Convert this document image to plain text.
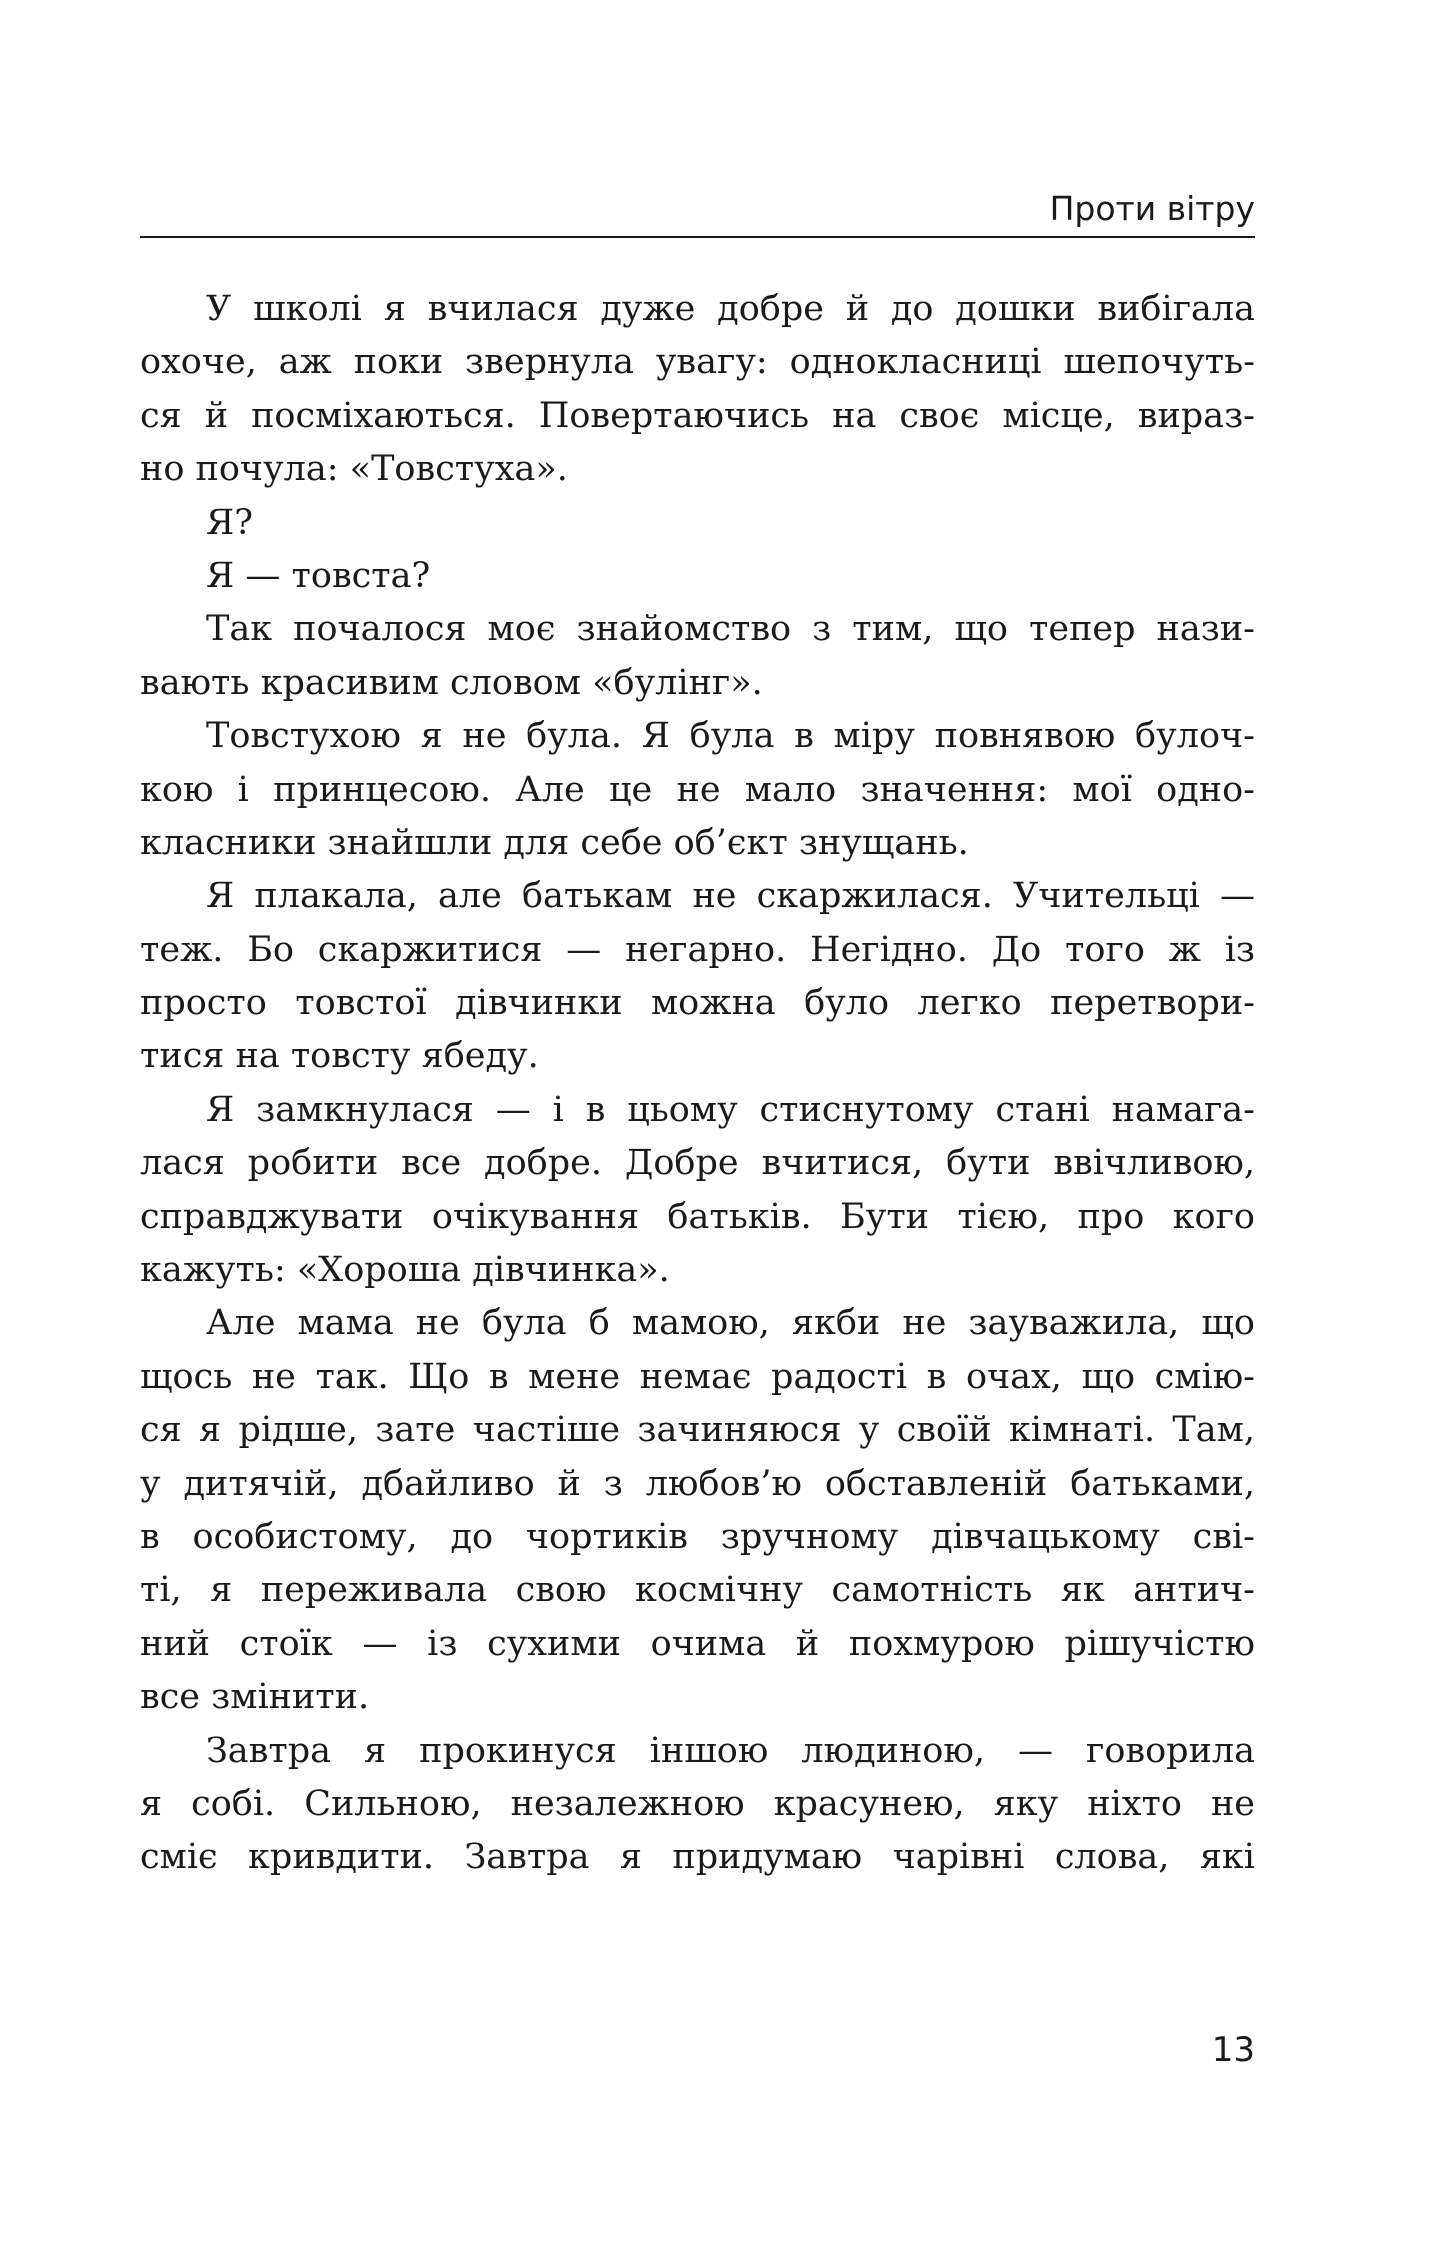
Проти вітру
У школі я вчилася дуже добре й до дошки вибігала
охоче, аж поки звернула увагу: однокласниці шепочуть-
ся й посміхаються. Повертаючись на своє місце, вираз-
но почула: «Товстуха».
Я?
Я — товста?
Так почалося моє знайомство з тим, що тепер нази-
вають красивим словом «булінг».
Товстухою я не була. Я була в міру повнявою булоч-
кою і принцесою. Але це не мало значення: мої одно-
класники знайшли для себе об’єкт знущань.
Я плакала, але батькам не скаржилася. Учительці —
теж. Бо скаржитися — негарно. Негідно. До того ж із
просто товстої дівчинки можна було легко перетвори-
тися на товсту ябеду.
Я замкнулася — і в цьому стиснутому стані намага-
лася робити все добре. Добре вчитися, бути ввічливою,
справджувати очікування батьків. Бути тією, про кого
кажуть: «Хороша дівчинка».
Але мама не була б мамою, якби не зауважила, що
щось не так. Що в мене немає радості в очах, що смію-
ся я рідше, зате частіше зачиняюся у своїй кімнаті. Там,
у дитячій, дбайливо й з любов’ю обставленій батьками,
в особистому, до чортиків зручному дівчацькому сві-
ті, я переживала свою космічну самотність як антич-
ний стоїк — із сухими очима й похмурою рішучістю
все змінити.
Завтра я прокинуся іншою людиною, — говорила
я собі. Сильною, незалежною красунею, яку ніхто не
сміє кривдити. Завтра я придумаю чарівні слова, які
13
